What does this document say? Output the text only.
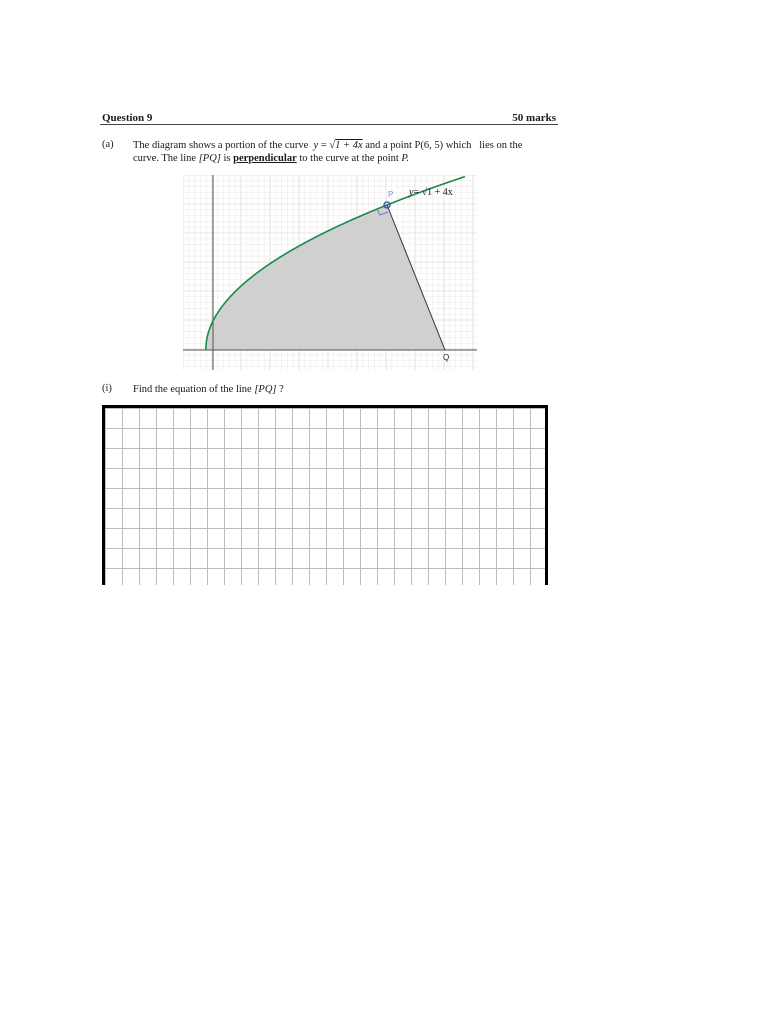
Question 9	50 marks
(a) The diagram shows a portion of the curve y = √1 + 4x and a point P(6, 5) which lies on the
curve. The line [PQ] is perpendicular to the curve at the point P.
P
Q
y= √1 + 4x
(i) Find the equation of the line [PQ] ?
